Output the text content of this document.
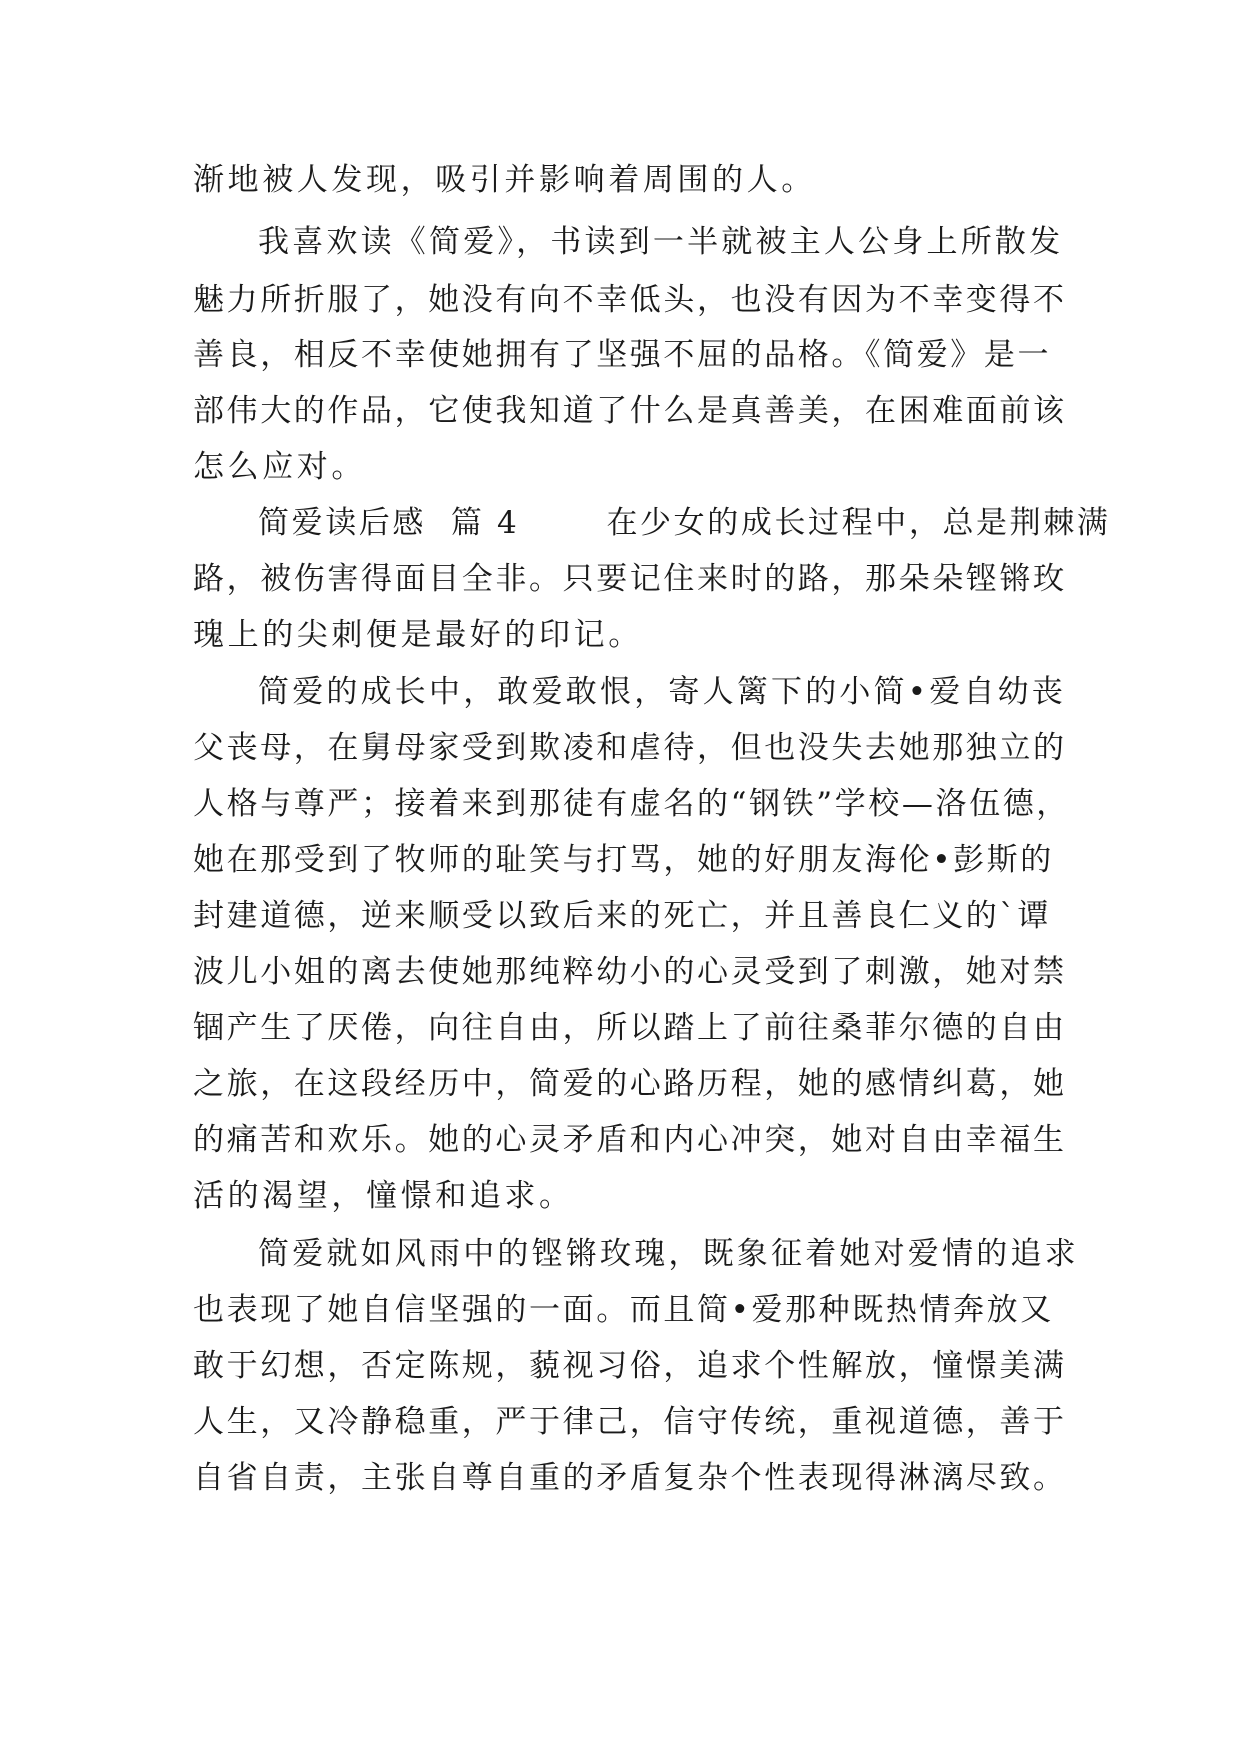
渐地被人发现，吸引并影响着周围的人。
我喜欢读《简爱》，书读到一半就被主人公身上所散发
魅力所折服了，她没有向不幸低头，也没有因为不幸变得不
善良，相反不幸使她拥有了坚强不屈的品格。《简爱》是一
部伟大的作品，它使我知道了什么是真善美，在困难面前该
怎么应对。
简爱读后感  篇 4       在少女的成长过程中，总是荆棘满
路，被伤害得面目全非。只要记住来时的路，那朵朵铿锵玫
瑰上的尖刺便是最好的印记。
简爱的成长中，敢爱敢恨，寄人篱下的小简•爱自幼丧
父丧母，在舅母家受到欺凌和虐待，但也没失去她那独立的
人格与尊严；接着来到那徒有虚名的“钢铁”学校—洛伍德，
她在那受到了牧师的耻笑与打骂，她的好朋友海伦•彭斯的
封建道德，逆来顺受以致后来的死亡，并且善良仁义的`谭
波儿小姐的离去使她那纯粹幼小的心灵受到了刺激，她对禁
锢产生了厌倦，向往自由，所以踏上了前往桑菲尔德的自由
之旅，在这段经历中，简爱的心路历程，她的感情纠葛，她
的痛苦和欢乐。她的心灵矛盾和内心冲突，她对自由幸福生
活的渴望，憧憬和追求。
简爱就如风雨中的铿锵玫瑰，既象征着她对爱情的追求
也表现了她自信坚强的一面。而且简•爱那种既热情奔放又
敢于幻想，否定陈规，藐视习俗，追求个性解放，憧憬美满
人生，又冷静稳重，严于律己，信守传统，重视道德，善于
自省自责，主张自尊自重的矛盾复杂个性表现得淋漓尽致。
